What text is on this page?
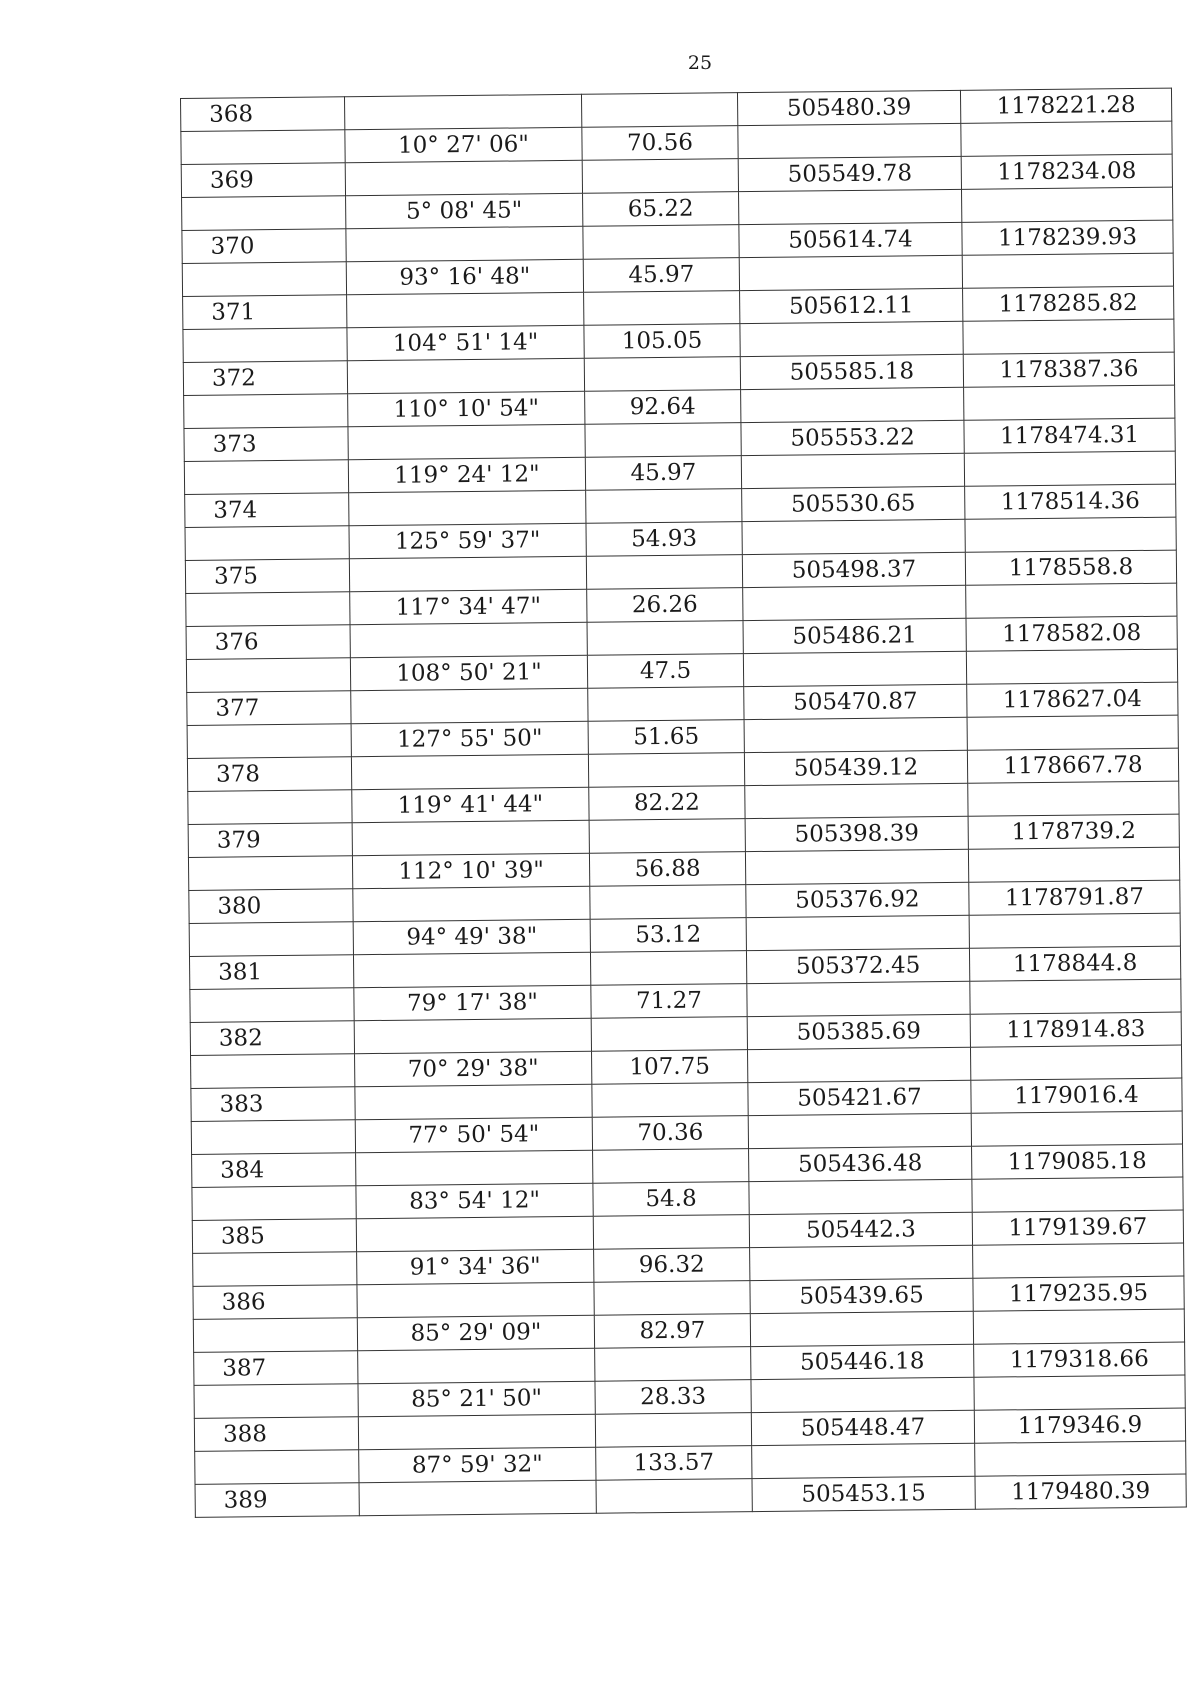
25
368			505480.39	1178221.28
	10° 27' 06"	70.56		
369			505549.78	1178234.08
	5° 08' 45"	65.22		
370			505614.74	1178239.93
	93° 16' 48"	45.97		
371			505612.11	1178285.82
	104° 51' 14"	105.05		
372			505585.18	1178387.36
	110° 10' 54"	92.64		
373			505553.22	1178474.31
	119° 24' 12"	45.97		
374			505530.65	1178514.36
	125° 59' 37"	54.93		
375			505498.37	1178558.8
	117° 34' 47"	26.26		
376			505486.21	1178582.08
	108° 50' 21"	47.5		
377			505470.87	1178627.04
	127° 55' 50"	51.65		
378			505439.12	1178667.78
	119° 41' 44"	82.22		
379			505398.39	1178739.2
	112° 10' 39"	56.88		
380			505376.92	1178791.87
	94° 49' 38"	53.12		
381			505372.45	1178844.8
	79° 17' 38"	71.27		
382			505385.69	1178914.83
	70° 29' 38"	107.75		
383			505421.67	1179016.4
	77° 50' 54"	70.36		
384			505436.48	1179085.18
	83° 54' 12"	54.8		
385			505442.3	1179139.67
	91° 34' 36"	96.32		
386			505439.65	1179235.95
	85° 29' 09"	82.97		
387			505446.18	1179318.66
	85° 21' 50"	28.33		
388			505448.47	1179346.9
	87° 59' 32"	133.57		
389			505453.15	1179480.39
